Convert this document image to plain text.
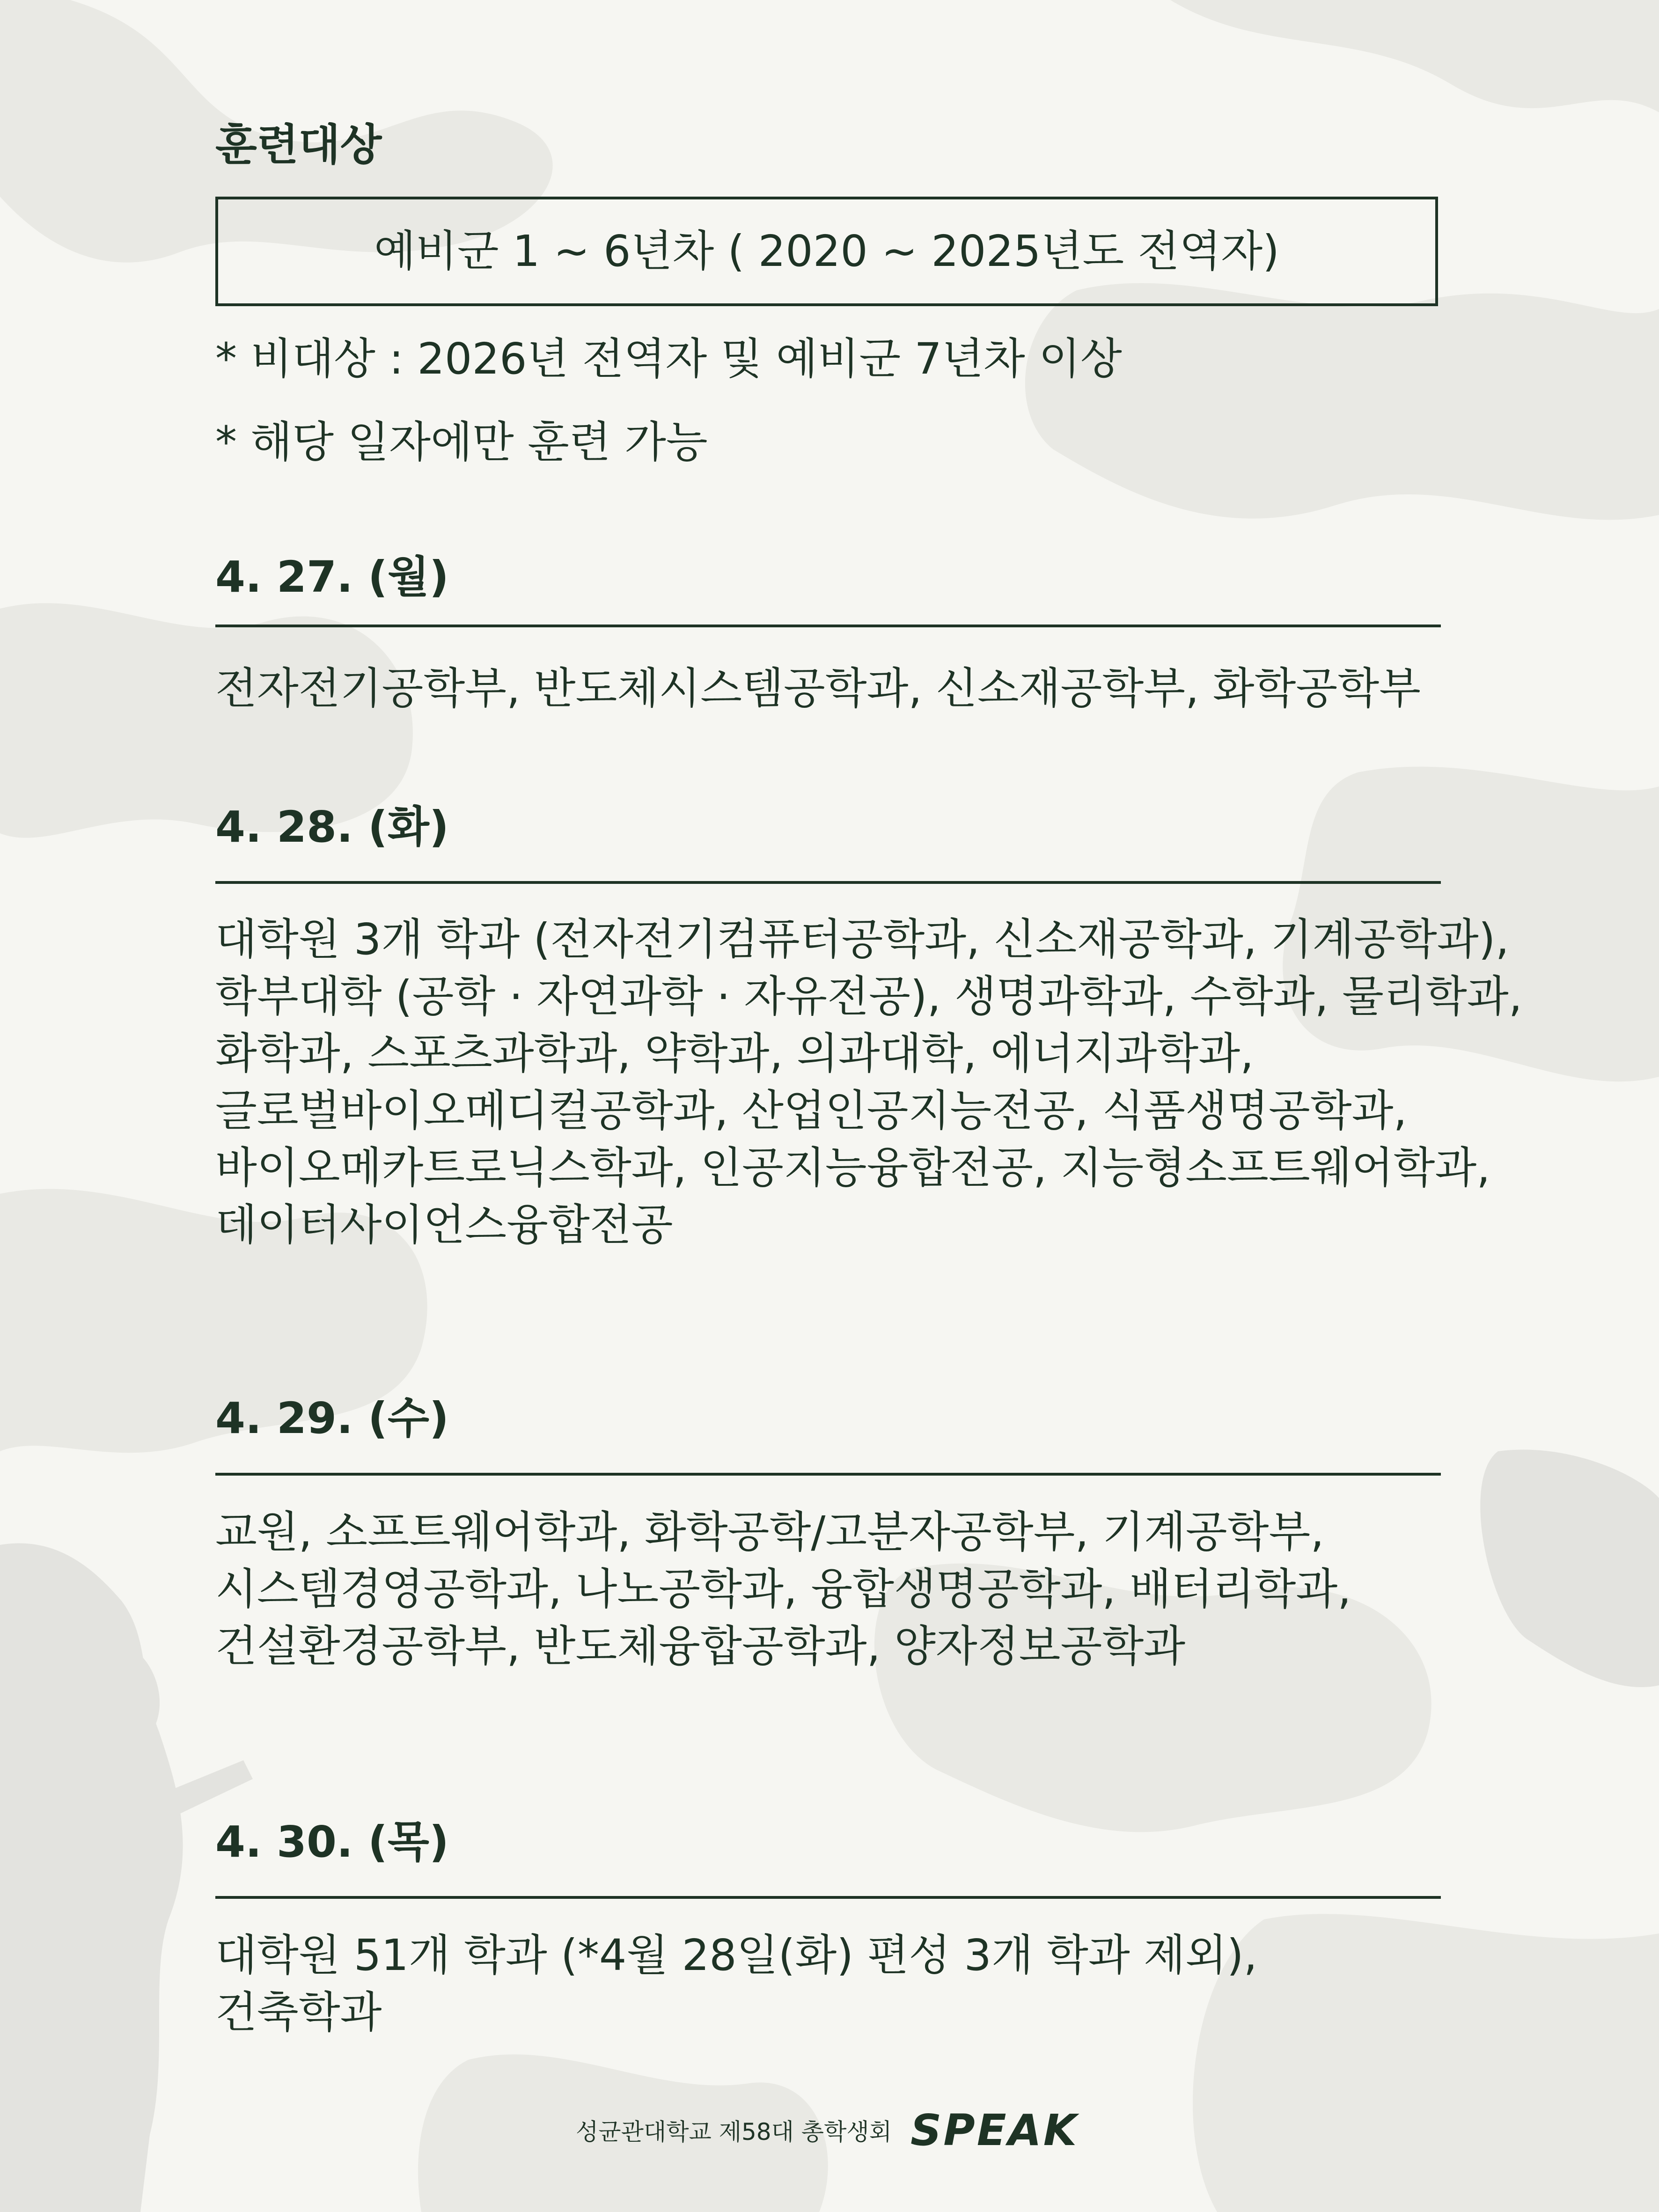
훈련대상
예비군 1 ~ 6년차 ( 2020 ~ 2025년도 전역자)

* 비대상 : 2026년 전역자 및 예비군 7년차 이상

* 해당 일자에만 훈련 가능

4. 27. (월)
전자전기공학부, 반도체시스템공학과, 신소재공학부, 화학공학부
4. 28. (화)
대학원 3개 학과 (전자전기컴퓨터공학과, 신소재공학과, 기계공학과),
학부대학 (공학 · 자연과학 · 자유전공), 생명과학과, 수학과, 물리학과,
화학과, 스포츠과학과, 약학과, 의과대학, 에너지과학과,
글로벌바이오메디컬공학과, 산업인공지능전공, 식품생명공학과,
바이오메카트로닉스학과, 인공지능융합전공, 지능형소프트웨어학과,
데이터사이언스융합전공
4. 29. (수)
교원, 소프트웨어학과, 화학공학/고분자공학부, 기계공학부,
시스템경영공학과, 나노공학과, 융합생명공학과, 배터리학과,
건설환경공학부, 반도체융합공학과, 양자정보공학과
4. 30. (목)
대학원 51개 학과 (*4월 28일(화) 편성 3개 학과 제외),
건축학과
성균관대학교 제58대 총학생회 SPEAK
